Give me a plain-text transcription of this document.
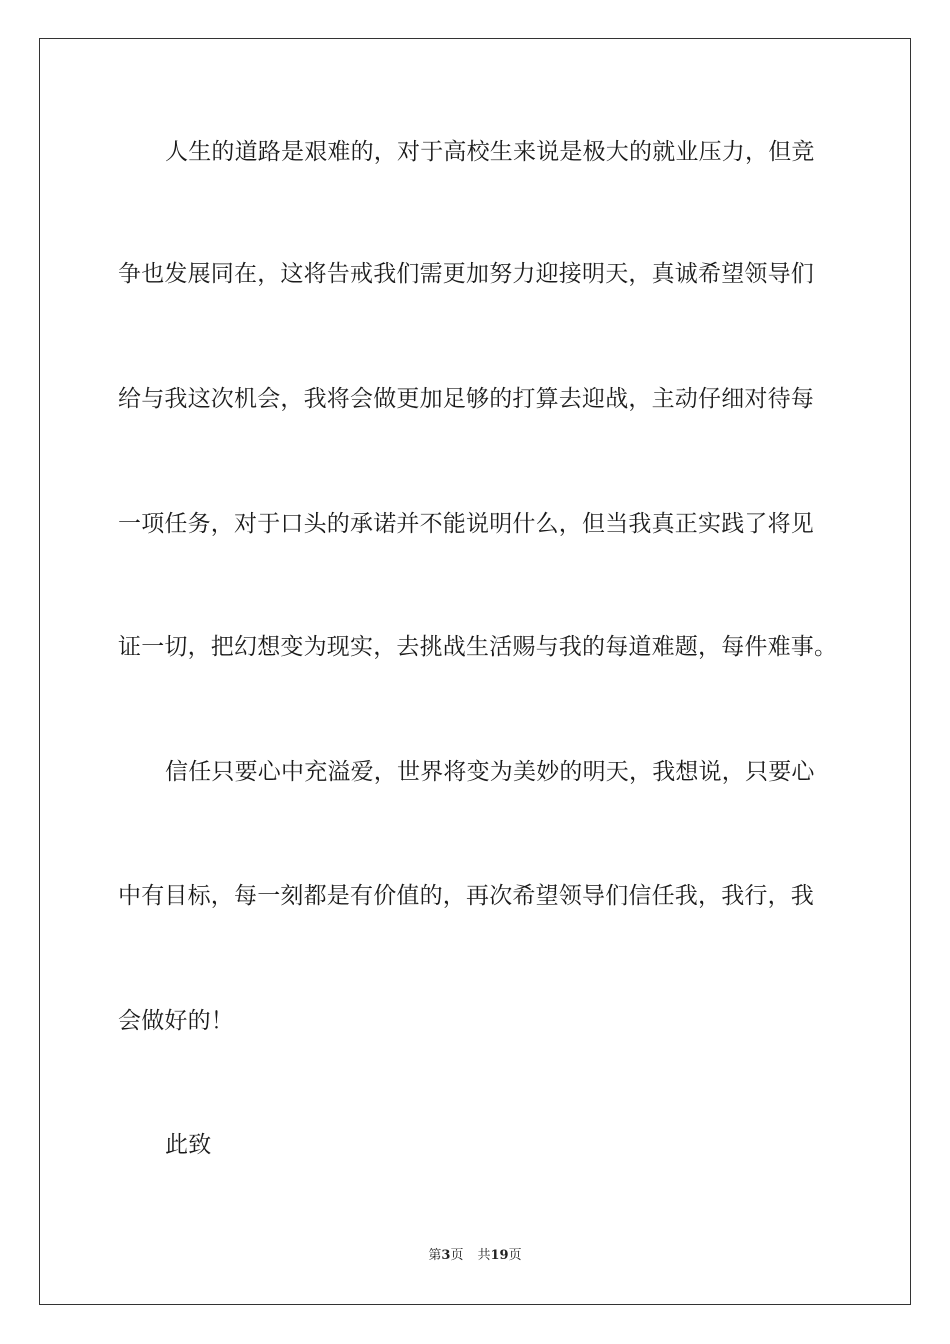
人生的道路是艰难的，对于高校生来说是极大的就业压力，但竞
争也发展同在，这将告戒我们需更加努力迎接明天，真诚希望领导们
给与我这次机会，我将会做更加足够的打算去迎战，主动仔细对待每
一项任务，对于口头的承诺并不能说明什么，但当我真正实践了将见
证一切，把幻想变为现实，去挑战生活赐与我的每道难题，每件难事。
信任只要心中充溢爱，世界将变为美妙的明天，我想说，只要心
中有目标，每一刻都是有价值的，再次希望领导们信任我，我行，我
会做好的！
此致
第3页 共19页
